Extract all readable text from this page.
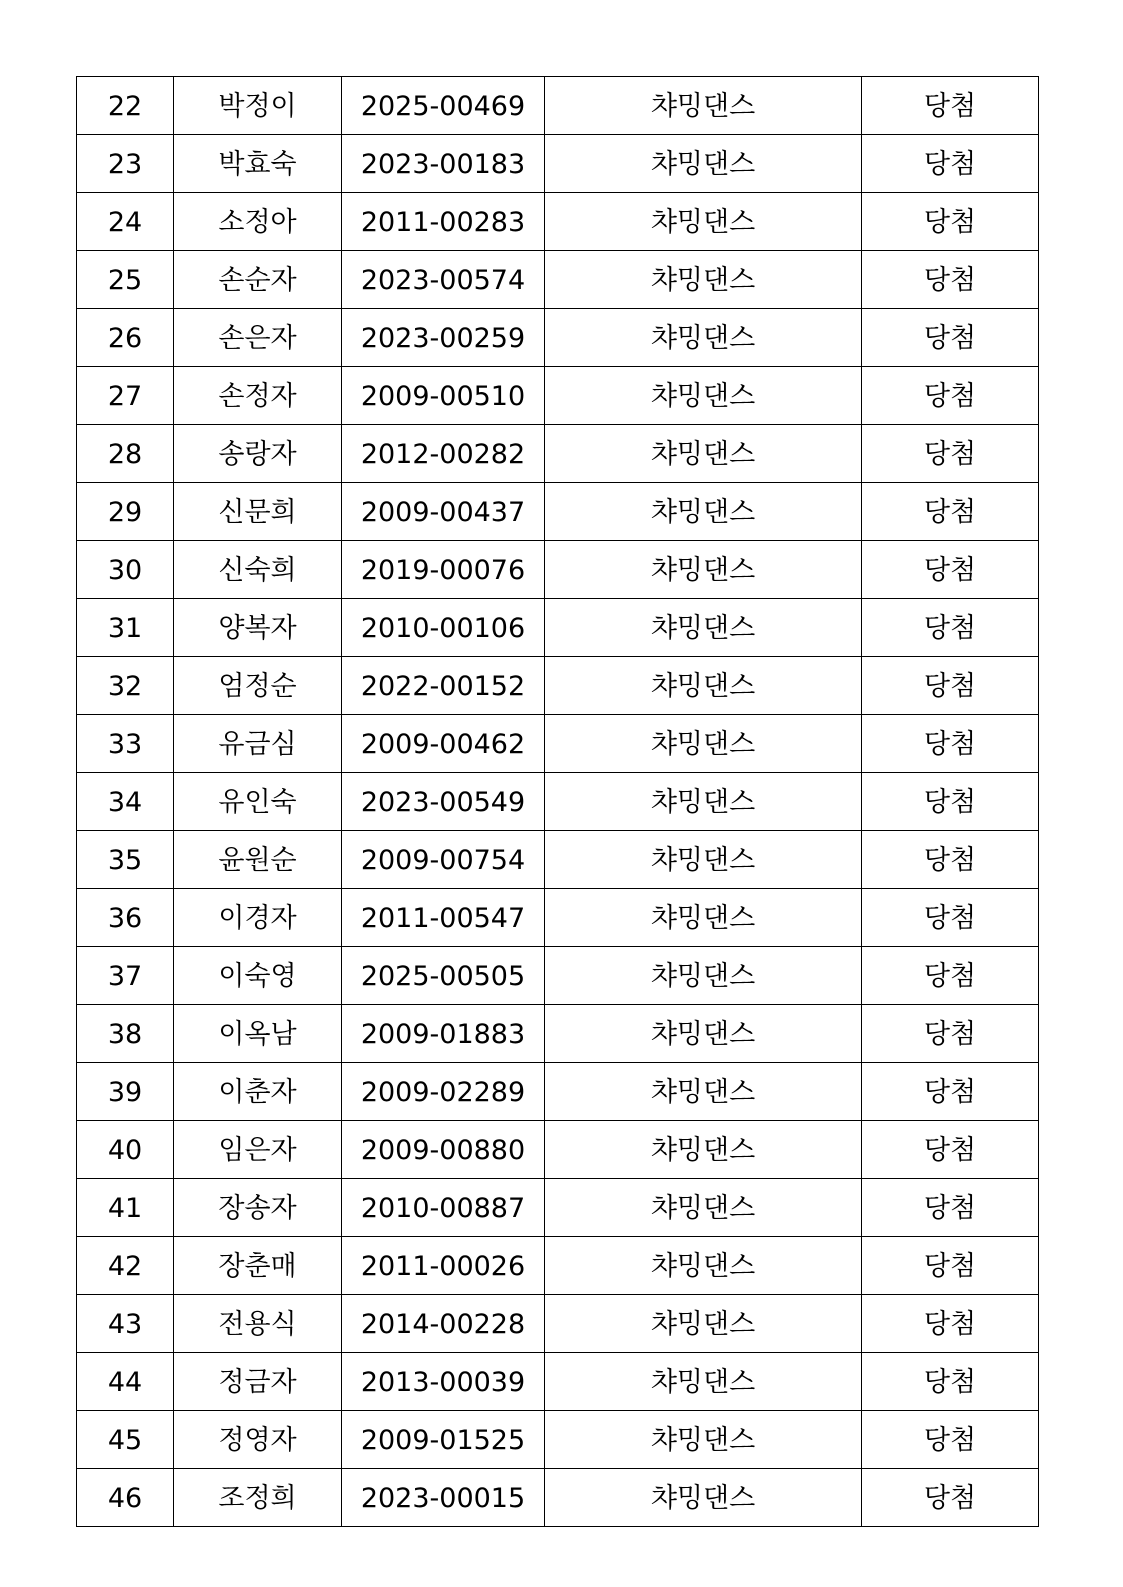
22	박정이	2025-00469	챠밍댄스	당첨
23	박효숙	2023-00183	챠밍댄스	당첨
24	소정아	2011-00283	챠밍댄스	당첨
25	손순자	2023-00574	챠밍댄스	당첨
26	손은자	2023-00259	챠밍댄스	당첨
27	손정자	2009-00510	챠밍댄스	당첨
28	송랑자	2012-00282	챠밍댄스	당첨
29	신문희	2009-00437	챠밍댄스	당첨
30	신숙희	2019-00076	챠밍댄스	당첨
31	양복자	2010-00106	챠밍댄스	당첨
32	엄정순	2022-00152	챠밍댄스	당첨
33	유금심	2009-00462	챠밍댄스	당첨
34	유인숙	2023-00549	챠밍댄스	당첨
35	윤원순	2009-00754	챠밍댄스	당첨
36	이경자	2011-00547	챠밍댄스	당첨
37	이숙영	2025-00505	챠밍댄스	당첨
38	이옥남	2009-01883	챠밍댄스	당첨
39	이춘자	2009-02289	챠밍댄스	당첨
40	임은자	2009-00880	챠밍댄스	당첨
41	장송자	2010-00887	챠밍댄스	당첨
42	장춘매	2011-00026	챠밍댄스	당첨
43	전용식	2014-00228	챠밍댄스	당첨
44	정금자	2013-00039	챠밍댄스	당첨
45	정영자	2009-01525	챠밍댄스	당첨
46	조정희	2023-00015	챠밍댄스	당첨
